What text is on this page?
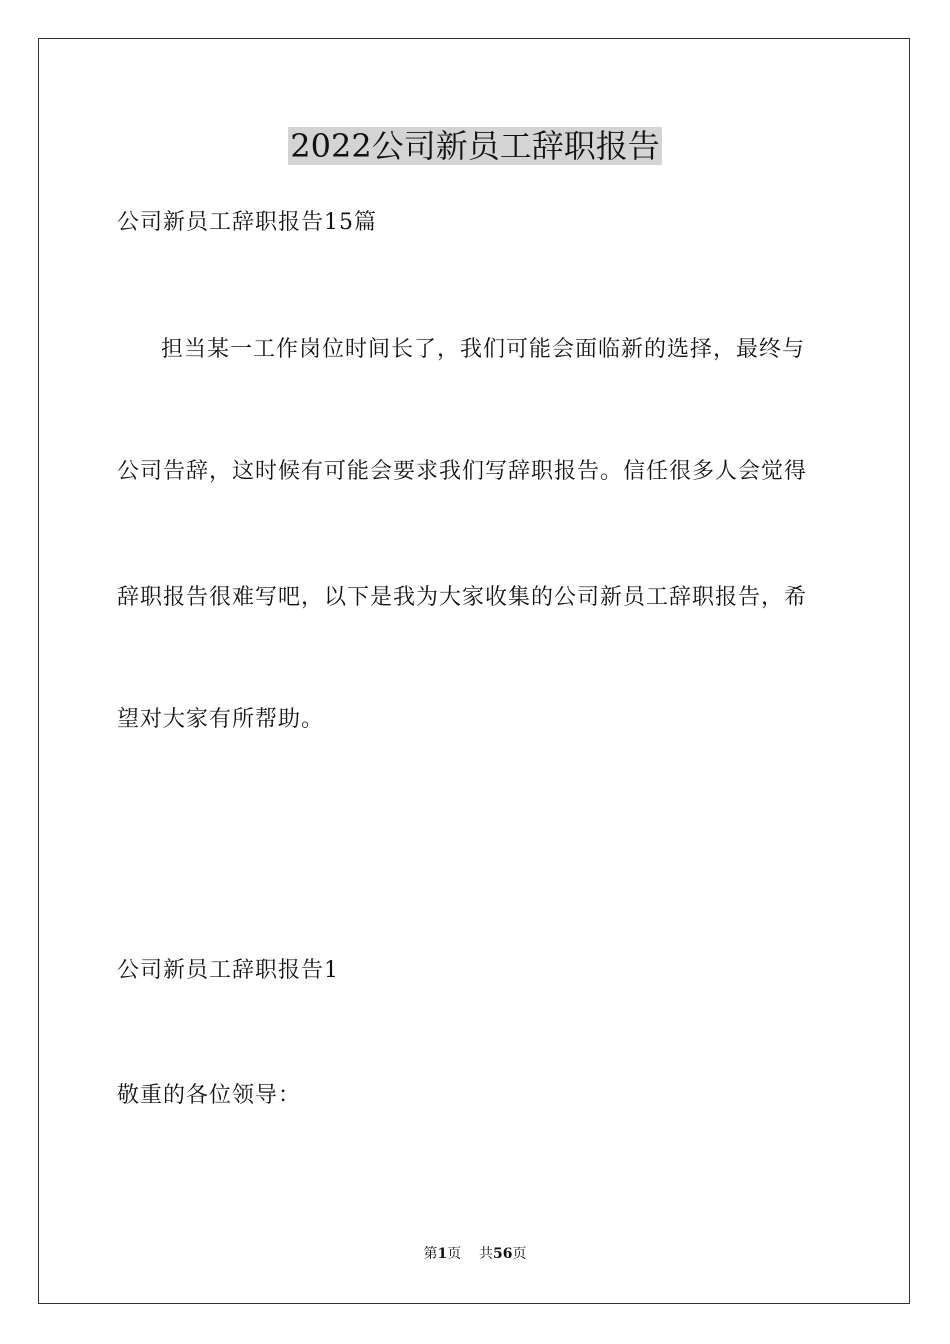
2022公司新员工辞职报告
公司新员工辞职报告15篇
担当某一工作岗位时间长了，我们可能会面临新的选择，最终与
公司告辞，这时候有可能会要求我们写辞职报告。信任很多人会觉得
辞职报告很难写吧，以下是我为大家收集的公司新员工辞职报告，希
望对大家有所帮助。
公司新员工辞职报告1
敬重的各位领导：
第1页 共56页
